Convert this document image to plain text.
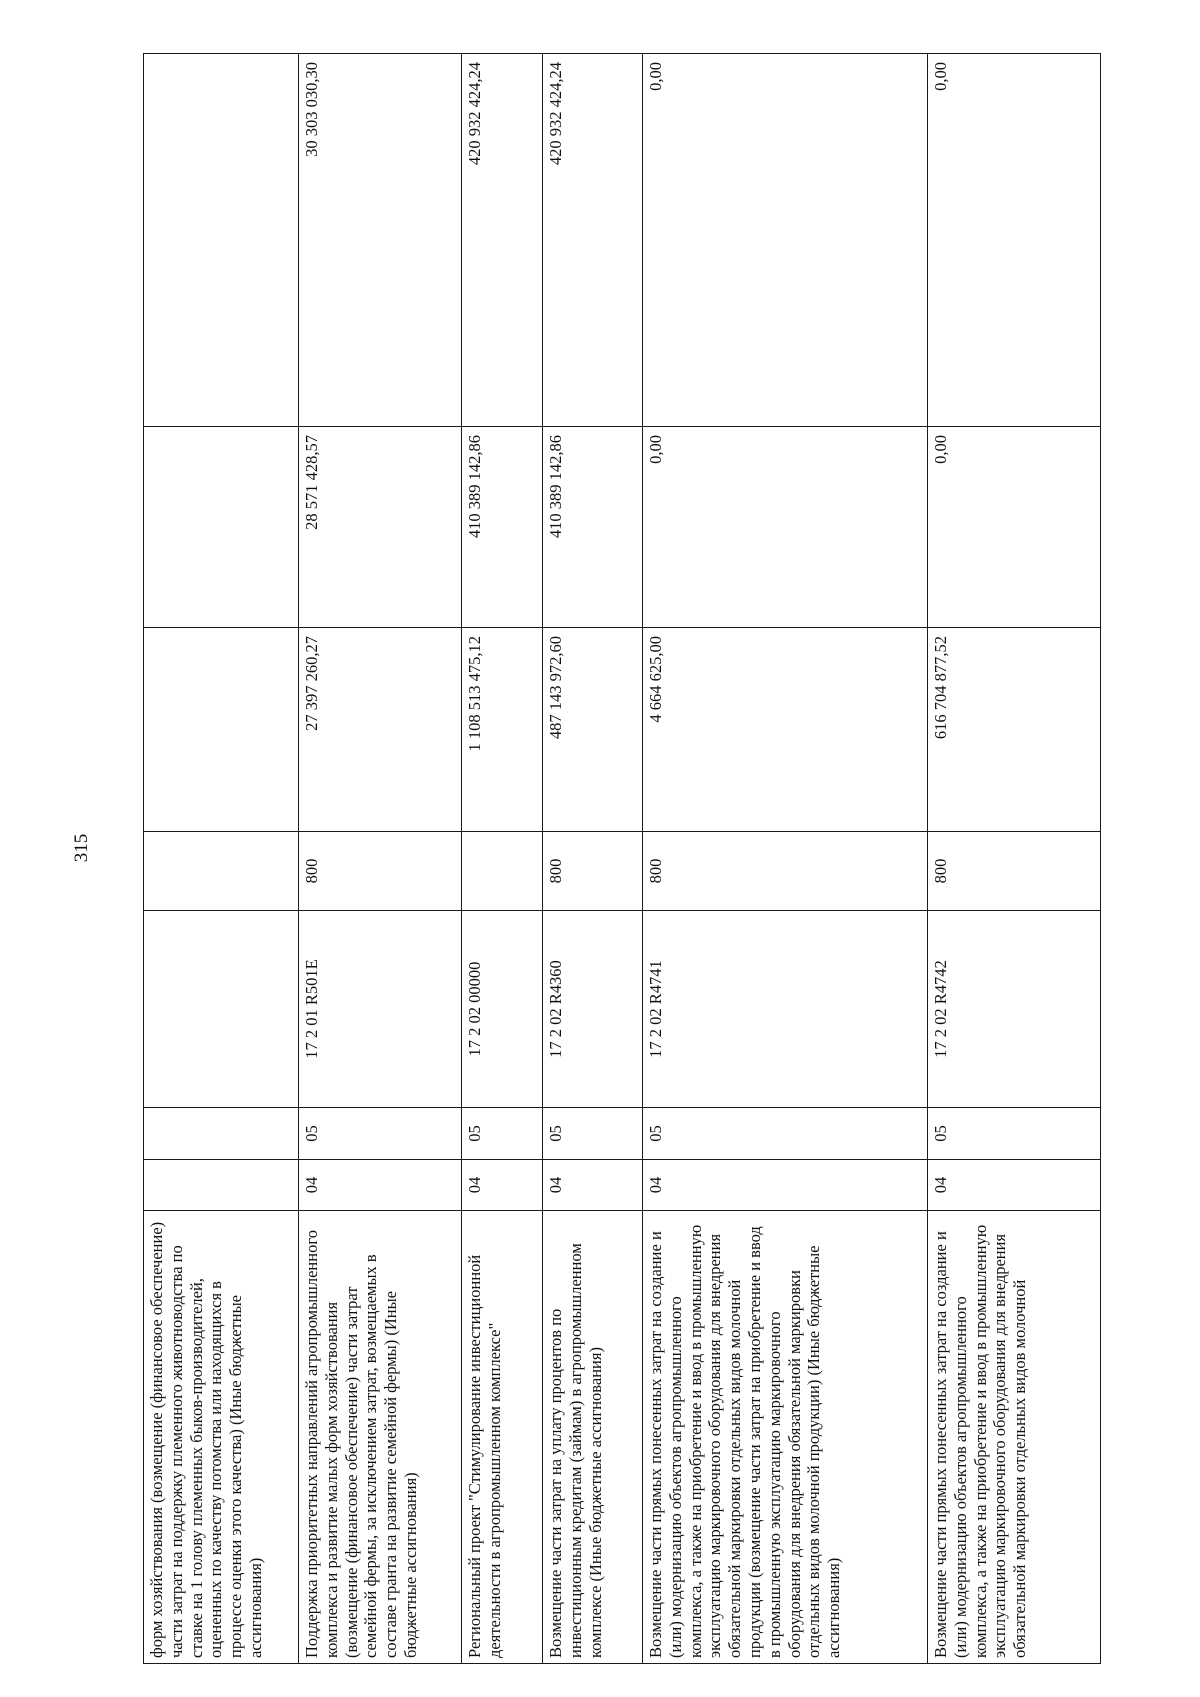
315
форм хозяйствования (возмещение (финансовое обеспечение) части затрат на поддержку племенного животноводства по ставке на 1 голову племенных быков-производителей, оцененных по качеству потомства или находящихся в процессе оценки этого качества) (Иные бюджетные ассигнования)							
Поддержка приоритетных направлений агропромышленного комплекса и развитие малых форм хозяйствования (возмещение (финансовое обеспечение) части затрат семейной фермы, за исключением затрат, возмещаемых в составе гранта на развитие семейной фермы) (Иные бюджетные ассигнования)	04	05	17 2 01 R501E	800	27 397 260,27	28 571 428,57	30 303 030,30
Региональный проект "Стимулирование инвестиционной деятельности в агропромышленном комплексе"	04	05	17 2 02 00000		1 108 513 475,12	410 389 142,86	420 932 424,24
Возмещение части затрат на уплату процентов по инвестиционным кредитам (займам) в агропромышленном комплексе (Иные бюджетные ассигнования)	04	05	17 2 02 R4360	800	487 143 972,60	410 389 142,86	420 932 424,24
Возмещение части прямых понесенных затрат на создание и (или) модернизацию объектов агропромышленного комплекса, а также на приобретение и ввод в промышленную эксплуатацию маркировочного оборудования для внедрения обязательной маркировки отдельных видов молочной продукции (возмещение части затрат на приобретение и ввод в промышленную эксплуатацию маркировочного оборудования для внедрения обязательной маркировки отдельных видов молочной продукции) (Иные бюджетные ассигнования)	04	05	17 2 02 R4741	800	4 664 625,00	0,00	0,00
Возмещение части прямых понесенных затрат на создание и (или) модернизацию объектов агропромышленного комплекса, а также на приобретение и ввод в промышленную эксплуатацию маркировочного оборудования для внедрения обязательной маркировки отдельных видов молочной	04	05	17 2 02 R4742	800	616 704 877,52	0,00	0,00
